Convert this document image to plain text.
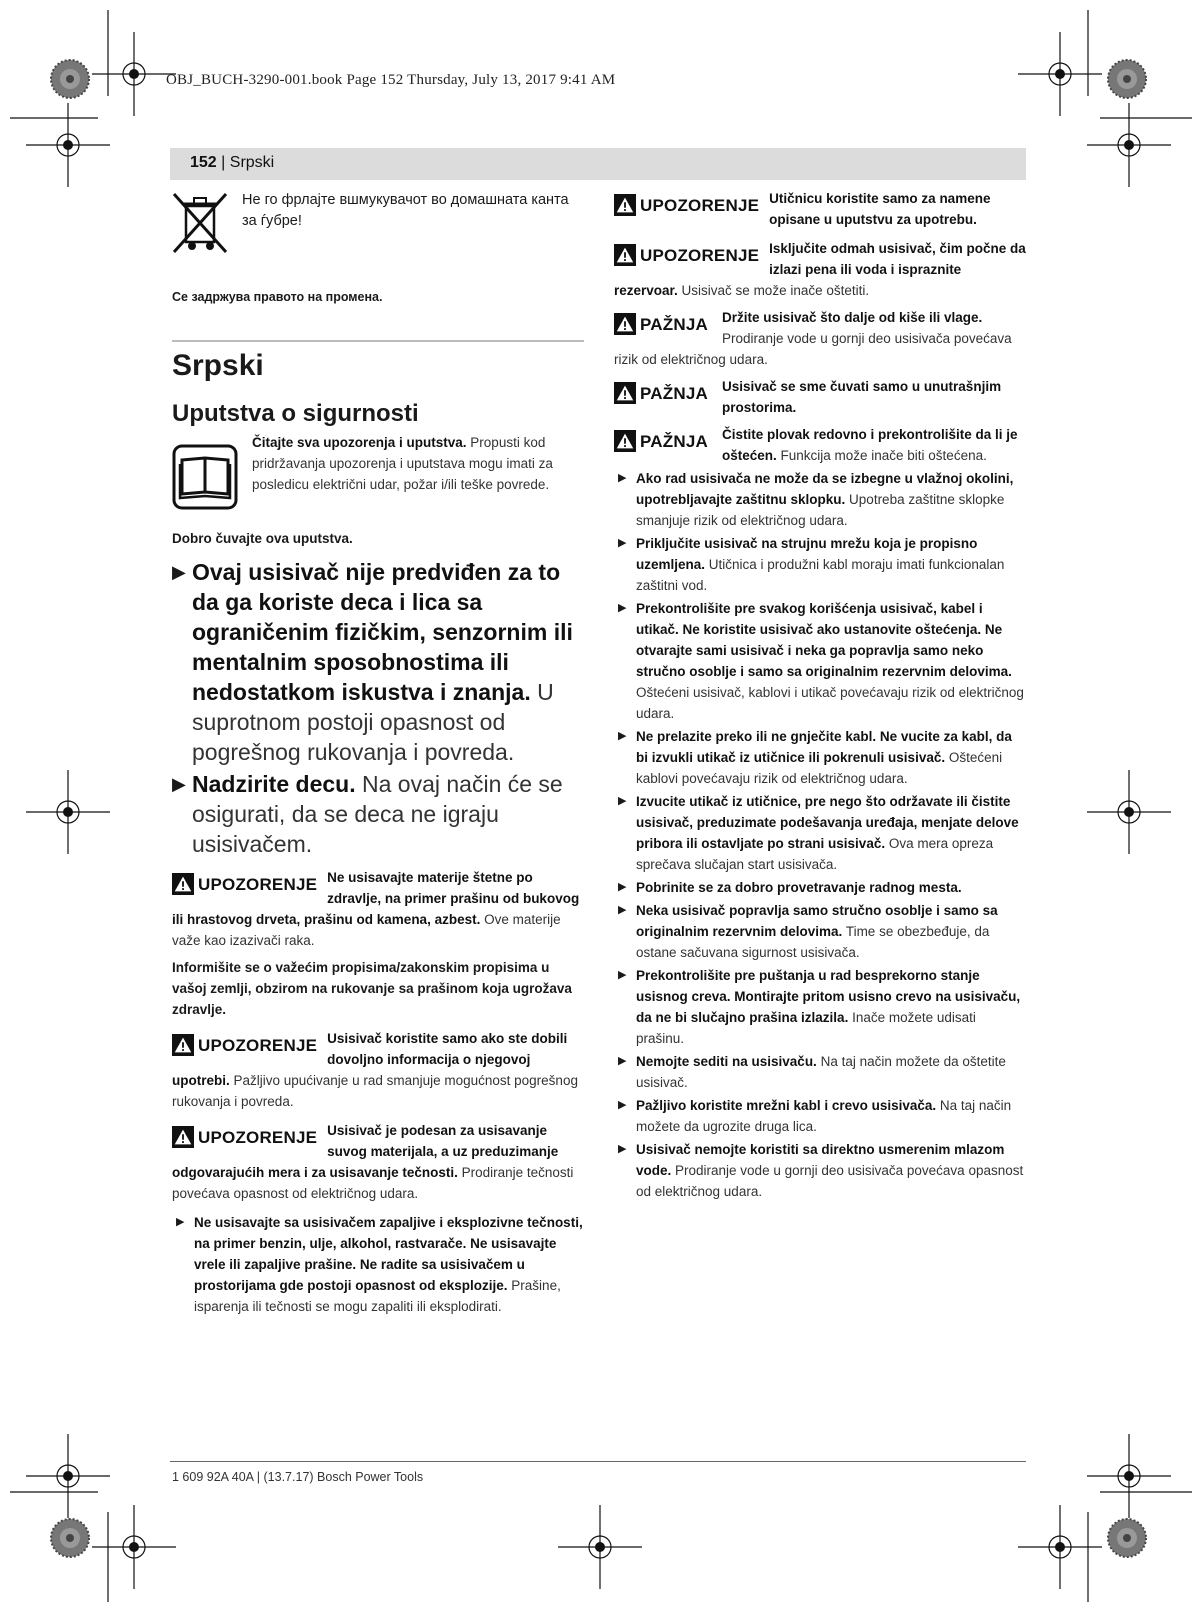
OBJ_BUCH-3290-001.book Page 152 Thursday, July 13, 2017 9:41 AM
152 | Srpski
Не го фрлајте вшмукувачот во домашната канта за ѓубре!
Се задржува правото на промена.
Srpski
Uputstva o sigurnosti
Čitajte sva upozorenja i uputstva. Propusti kod pridržavanja upozorenja i uputstava mogu imati za posledicu električni udar, požar i/ili teške povrede.
Dobro čuvajte ova uputstva.
▶ Ovaj usisivač nije predviđen za to da ga koriste deca i lica sa ograničenim fizičkim, senzornim ili mentalnim sposobnostima ili nedostatkom iskustva i znanja. U suprotnom postoji opasnost od pogrešnog rukovanja i povreda.
▶ Nadzirite decu. Na ovaj način će se osigurati, da se deca ne igraju usisivačem.
UPOZORENJE Ne usisavajte materije štetne po zdravlje, na primer prašinu od bukovog ili hrastovog drveta, prašinu od kamena, azbest. Ove materije važe kao izazivači raka.
Informišite se o važećim propisima/zakonskim propisima u vašoj zemlji, obzirom na rukovanje sa prašinom koja ugrožava zdravlje.
UPOZORENJE Usisivač koristite samo ako ste dobili dovoljno informacija o njegovoj upotrebi. Pažljivo upućivanje u rad smanjuje mogućnost pogrešnog rukovanja i povreda.
UPOZORENJE Usisivač je podesan za usisavanje suvog materijala, a uz preduzimanje odgovarajućih mera i za usisavanje tečnosti. Prodiranje tečnosti povećava opasnost od električnog udara.
▶ Ne usisavajte sa usisivačem zapaljive i eksplozivne tečnosti, na primer benzin, ulje, alkohol, rastvarače. Ne usisavajte vrele ili zapaljive prašine. Ne radite sa usisivačem u prostorijama gde postoji opasnost od eksplozije. Prašine, isparenja ili tečnosti se mogu zapaliti ili eksplodirati.
UPOZORENJE Utičnicu koristite samo za namene opisane u uputstvu za upotrebu.
UPOZORENJE Isključite odmah usisivač, čim počne da izlazi pena ili voda i ispraznite rezervoar. Usisivač se može inače oštetiti.
PAŽNJA Držite usisivač što dalje od kiše ili vlage. Prodiranje vode u gornji deo usisivača povećava rizik od električnog udara.
PAŽNJA Usisivač se sme čuvati samo u unutrašnjim prostorima.
PAŽNJA Čistite plovak redovno i prekontrolišite da li je oštećen. Funkcija može inače biti oštećena.
▶ Ako rad usisivača ne može da se izbegne u vlažnoj okolini, upotrebljavajte zaštitnu sklopku. Upotreba zaštitne sklopke smanjuje rizik od električnog udara.
▶ Priključite usisivač na strujnu mrežu koja je propisno uzemljena. Utičnica i produžni kabl moraju imati funkcionalan zaštitni vod.
▶ Prekontrolišite pre svakog korišćenja usisivač, kabel i utikač. Ne koristite usisivač ako ustanovite oštećenja. Ne otvarajte sami usisivač i neka ga popravlja samo neko stručno osoblje i samo sa originalnim rezervnim delovima. Oštećeni usisivač, kablovi i utikač povećavaju rizik od električnog udara.
▶ Ne prelazite preko ili ne gnječite kabl. Ne vucite za kabl, da bi izvukli utikač iz utičnice ili pokrenuli usisivač. Oštećeni kablovi povećavaju rizik od električnog udara.
▶ Izvucite utikač iz utičnice, pre nego što održavate ili čistite usisivač, preduzimate podešavanja uređaja, menjate delove pribora ili ostavljate po strani usisivač. Ova mera opreza sprečava slučajan start usisivača.
▶ Pobrinite se za dobro provetravanje radnog mesta.
▶ Neka usisivač popravlja samo stručno osoblje i samo sa originalnim rezervnim delovima. Time se obezbeđuje, da ostane sačuvana sigurnost usisivača.
▶ Prekontrolišite pre puštanja u rad besprekorno stanje usisnog creva. Montirajte pritom usisno crevo na usisivaču, da ne bi slučajno prašina izlazila. Inače možete udisati prašinu.
▶ Nemojte sediti na usisivaču. Na taj način možete da oštetite usisivač.
▶ Pažljivo koristite mrežni kabl i crevo usisivača. Na taj način možete da ugrozite druga lica.
▶ Usisivač nemojte koristiti sa direktno usmerenim mlazom vode. Prodiranje vode u gornji deo usisivača povećava opasnost od električnog udara.
1 609 92A 40A | (13.7.17) Bosch Power Tools
